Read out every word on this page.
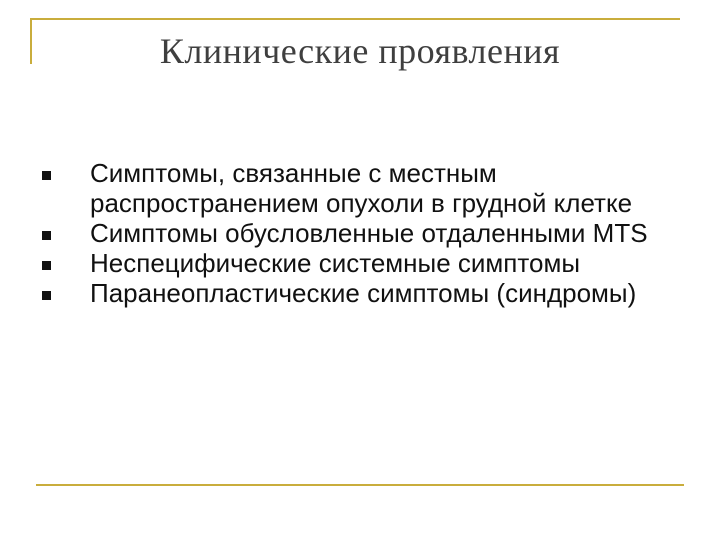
Клинические проявления
Симптомы, связанные с местным распространением опухоли в грудной клетке
Симптомы обусловленные отдаленными MTS
Неспецифические системные симптомы
Паранеопластические симптомы (синдромы)
